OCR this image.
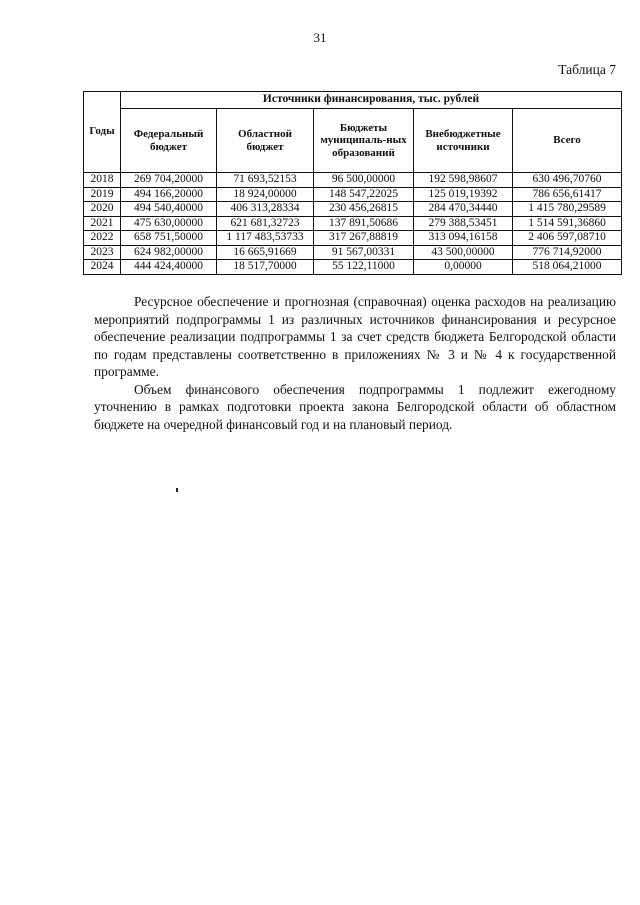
31
Таблица 7
Годы	Источники финансирования, тыс. рублей				
	Федеральный бюджет	Областной бюджет	Бюджеты муниципаль-ных образований	Внебюджетные источники	Всего
2018	269 704,20000	71 693,52153	96 500,00000	192 598,98607	630 496,70760
2019	494 166,20000	18 924,00000	148 547,22025	125 019,19392	786 656,61417
2020	494 540,40000	406 313,28334	230 456,26815	284 470,34440	1 415 780,29589
2021	475 630,00000	621 681,32723	137 891,50686	279 388,53451	1 514 591,36860
2022	658 751,50000	1 117 483,53733	317 267,88819	313 094,16158	2 406 597,08710
2023	624 982,00000	16 665,91669	91 567,00331	43 500,00000	776 714,92000
2024	444 424,40000	18 517,70000	55 122,11000	0,00000	518 064,21000

Ресурсное обеспечение и прогнозная (справочная) оценка расходов на реализацию мероприятий подпрограммы 1 из различных источников финансирования и ресурсное обеспечение реализации подпрограммы 1 за счет средств бюджета Белгородской области по годам представлены соответственно в приложениях № 3 и № 4 к государственной программе.

Объем финансового обеспечения подпрограммы 1 подлежит ежегодному уточнению в рамках подготовки проекта закона Белгородской области об областном бюджете на очередной финансовый год и на плановый период.
